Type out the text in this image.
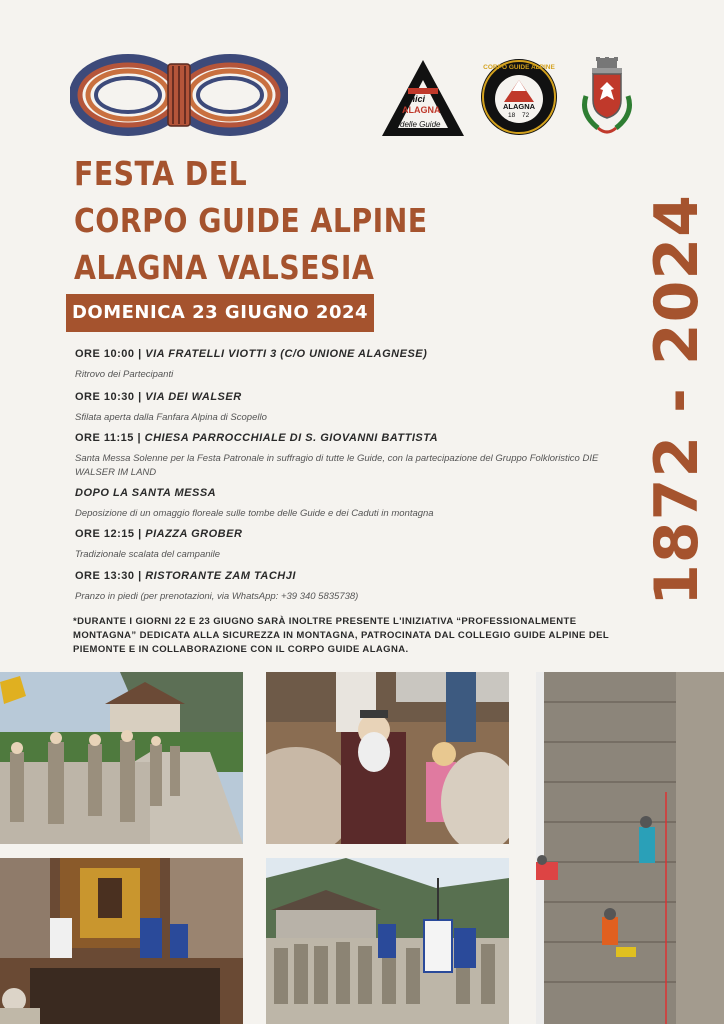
amici
ALAGNA
delle Guide
CORPO GUIDE ALPINE
ALAGNA
18 72
FESTA DEL
CORPO GUIDE ALPINE
ALAGNA VALSESIA
DOMENICA 23 GIUGNO 2024	1872 - 2024
ORE 10:00 | VIA FRATELLI VIOTTI 3 (C/O UNIONE ALAGNESE)
Ritrovo dei Partecipanti
ORE 10:30 | VIA DEI WALSER
Sfilata aperta dalla Fanfara Alpina di Scopello
ORE 11:15 | CHIESA PARROCCHIALE DI S. GIOVANNI BATTISTA
Santa Messa Solenne per la Festa Patronale in suffragio di tutte le Guide, con la partecipazione del Gruppo Folkloristico DIE WALSER IM LAND
DOPO LA SANTA MESSA
Deposizione di un omaggio floreale sulle tombe delle Guide e dei Caduti in montagna
ORE 12:15 | PIAZZA GROBER
Tradizionale scalata del campanile
ORE 13:30 | RISTORANTE ZAM TACHJI
Pranzo in piedi (per prenotazioni, via WhatsApp: +39 340 5835738)
*DURANTE I GIORNI 22 E 23 GIUGNO SARÀ INOLTRE PRESENTE L'INIZIATIVA “PROFESSIONALMENTE MONTAGNA” DEDICATA ALLA SICUREZZA IN MONTAGNA, PATROCINATA DAL COLLEGIO GUIDE ALPINE DEL PIEMONTE E IN COLLABORAZIONE CON IL CORPO GUIDE ALAGNA.
